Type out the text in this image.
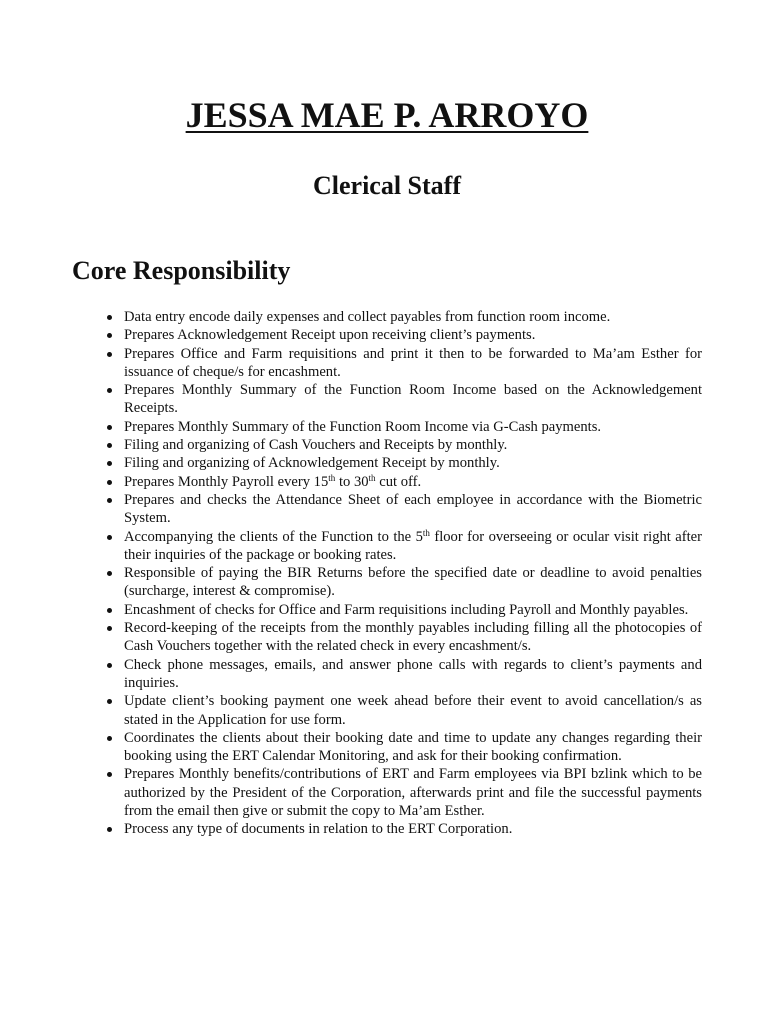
JESSA MAE P. ARROYO
Clerical Staff
Core Responsibility
Data entry encode daily expenses and collect payables from function room income.
Prepares Acknowledgement Receipt upon receiving client’s payments.
Prepares Office and Farm requisitions and print it then to be forwarded to Ma’am Esther for issuance of cheque/s for encashment.
Prepares Monthly Summary of the Function Room Income based on the Acknowledgement Receipts.
Prepares Monthly Summary of the Function Room Income via G-Cash payments.
Filing and organizing of Cash Vouchers and Receipts by monthly.
Filing and organizing of Acknowledgement Receipt by monthly.
Prepares Monthly Payroll every 15th to 30th cut off.
Prepares and checks the Attendance Sheet of each employee in accordance with the Biometric System.
Accompanying the clients of the Function to the 5th floor for overseeing or ocular visit right after their inquiries of the package or booking rates.
Responsible of paying the BIR Returns before the specified date or deadline to avoid penalties (surcharge, interest & compromise).
Encashment of checks for Office and Farm requisitions including Payroll and Monthly payables.
Record-keeping of the receipts from the monthly payables including filling all the photocopies of Cash Vouchers together with the related check in every encashment/s.
Check phone messages, emails, and answer phone calls with regards to client’s payments and inquiries.
Update client’s booking payment one week ahead before their event to avoid cancellation/s as stated in the Application for use form.
Coordinates the clients about their booking date and time to update any changes regarding their booking using the ERT Calendar Monitoring, and ask for their booking confirmation.
Prepares Monthly benefits/contributions of ERT and Farm employees via BPI bzlink which to be authorized by the President of the Corporation, afterwards print and file the successful payments from the email then give or submit the copy to Ma’am Esther.
Process any type of documents in relation to the ERT Corporation.
